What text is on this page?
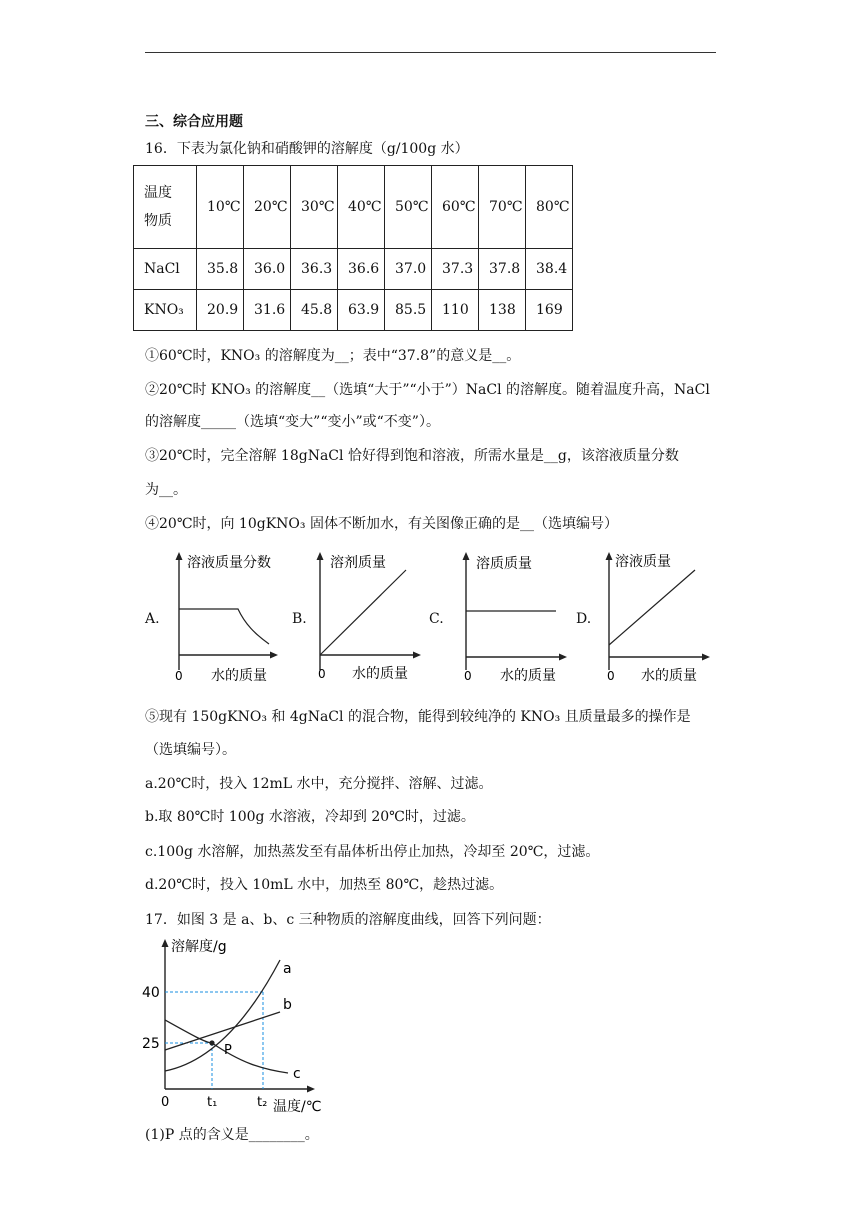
三、综合应用题
16．下表为氯化钠和硝酸钾的溶解度（g/100g 水）
温度
物质	10℃	20℃	30℃	40℃	50℃	60℃	70℃	80℃
NaCl	35.8	36.0	36.3	36.6	37.0	37.3	37.8	38.4
KNO₃	20.9	31.6	45.8	63.9	85.5	110	138	169
①60℃时，KNO₃ 的溶解度为__；表中“37.8”的意义是__。
②20℃时 KNO₃ 的溶解度__（选填“大于”“小于”）NaCl 的溶解度。随着温度升高，NaCl
的溶解度_____（选填“变大”“变小”或“不变”）。
③20℃时，完全溶解 18gNaCl 恰好得到饱和溶液，所需水量是__g，该溶液质量分数
为__。
④20℃时，向 10gKNO₃ 固体不断加水，有关图像正确的是__（选填编号）
A.
溶液质量分数
0 水的质量
B.
溶剂质量
0 水的质量
C.
溶质质量
0 水的质量
D.
溶液质量
0 水的质量
⑤现有 150gKNO₃ 和 4gNaCl 的混合物，能得到较纯净的 KNO₃ 且质量最多的操作是
（选填编号）。
a.20℃时，投入 12mL 水中，充分搅拌、溶解、过滤。
b.取 80℃时 100g 水溶液，冷却到 20℃时，过滤。
c.100g 水溶解，加热蒸发至有晶体析出停止加热，冷却至 20℃，过滤。
d.20℃时，投入 10mL 水中，加热至 80℃，趁热过滤。
17．如图 3 是 a、b、c 三种物质的溶解度曲线，回答下列问题：
溶解度/g
40
25
0	t₁	t₂ 温度/℃
P
a
b
c
(1)P 点的含义是________。
